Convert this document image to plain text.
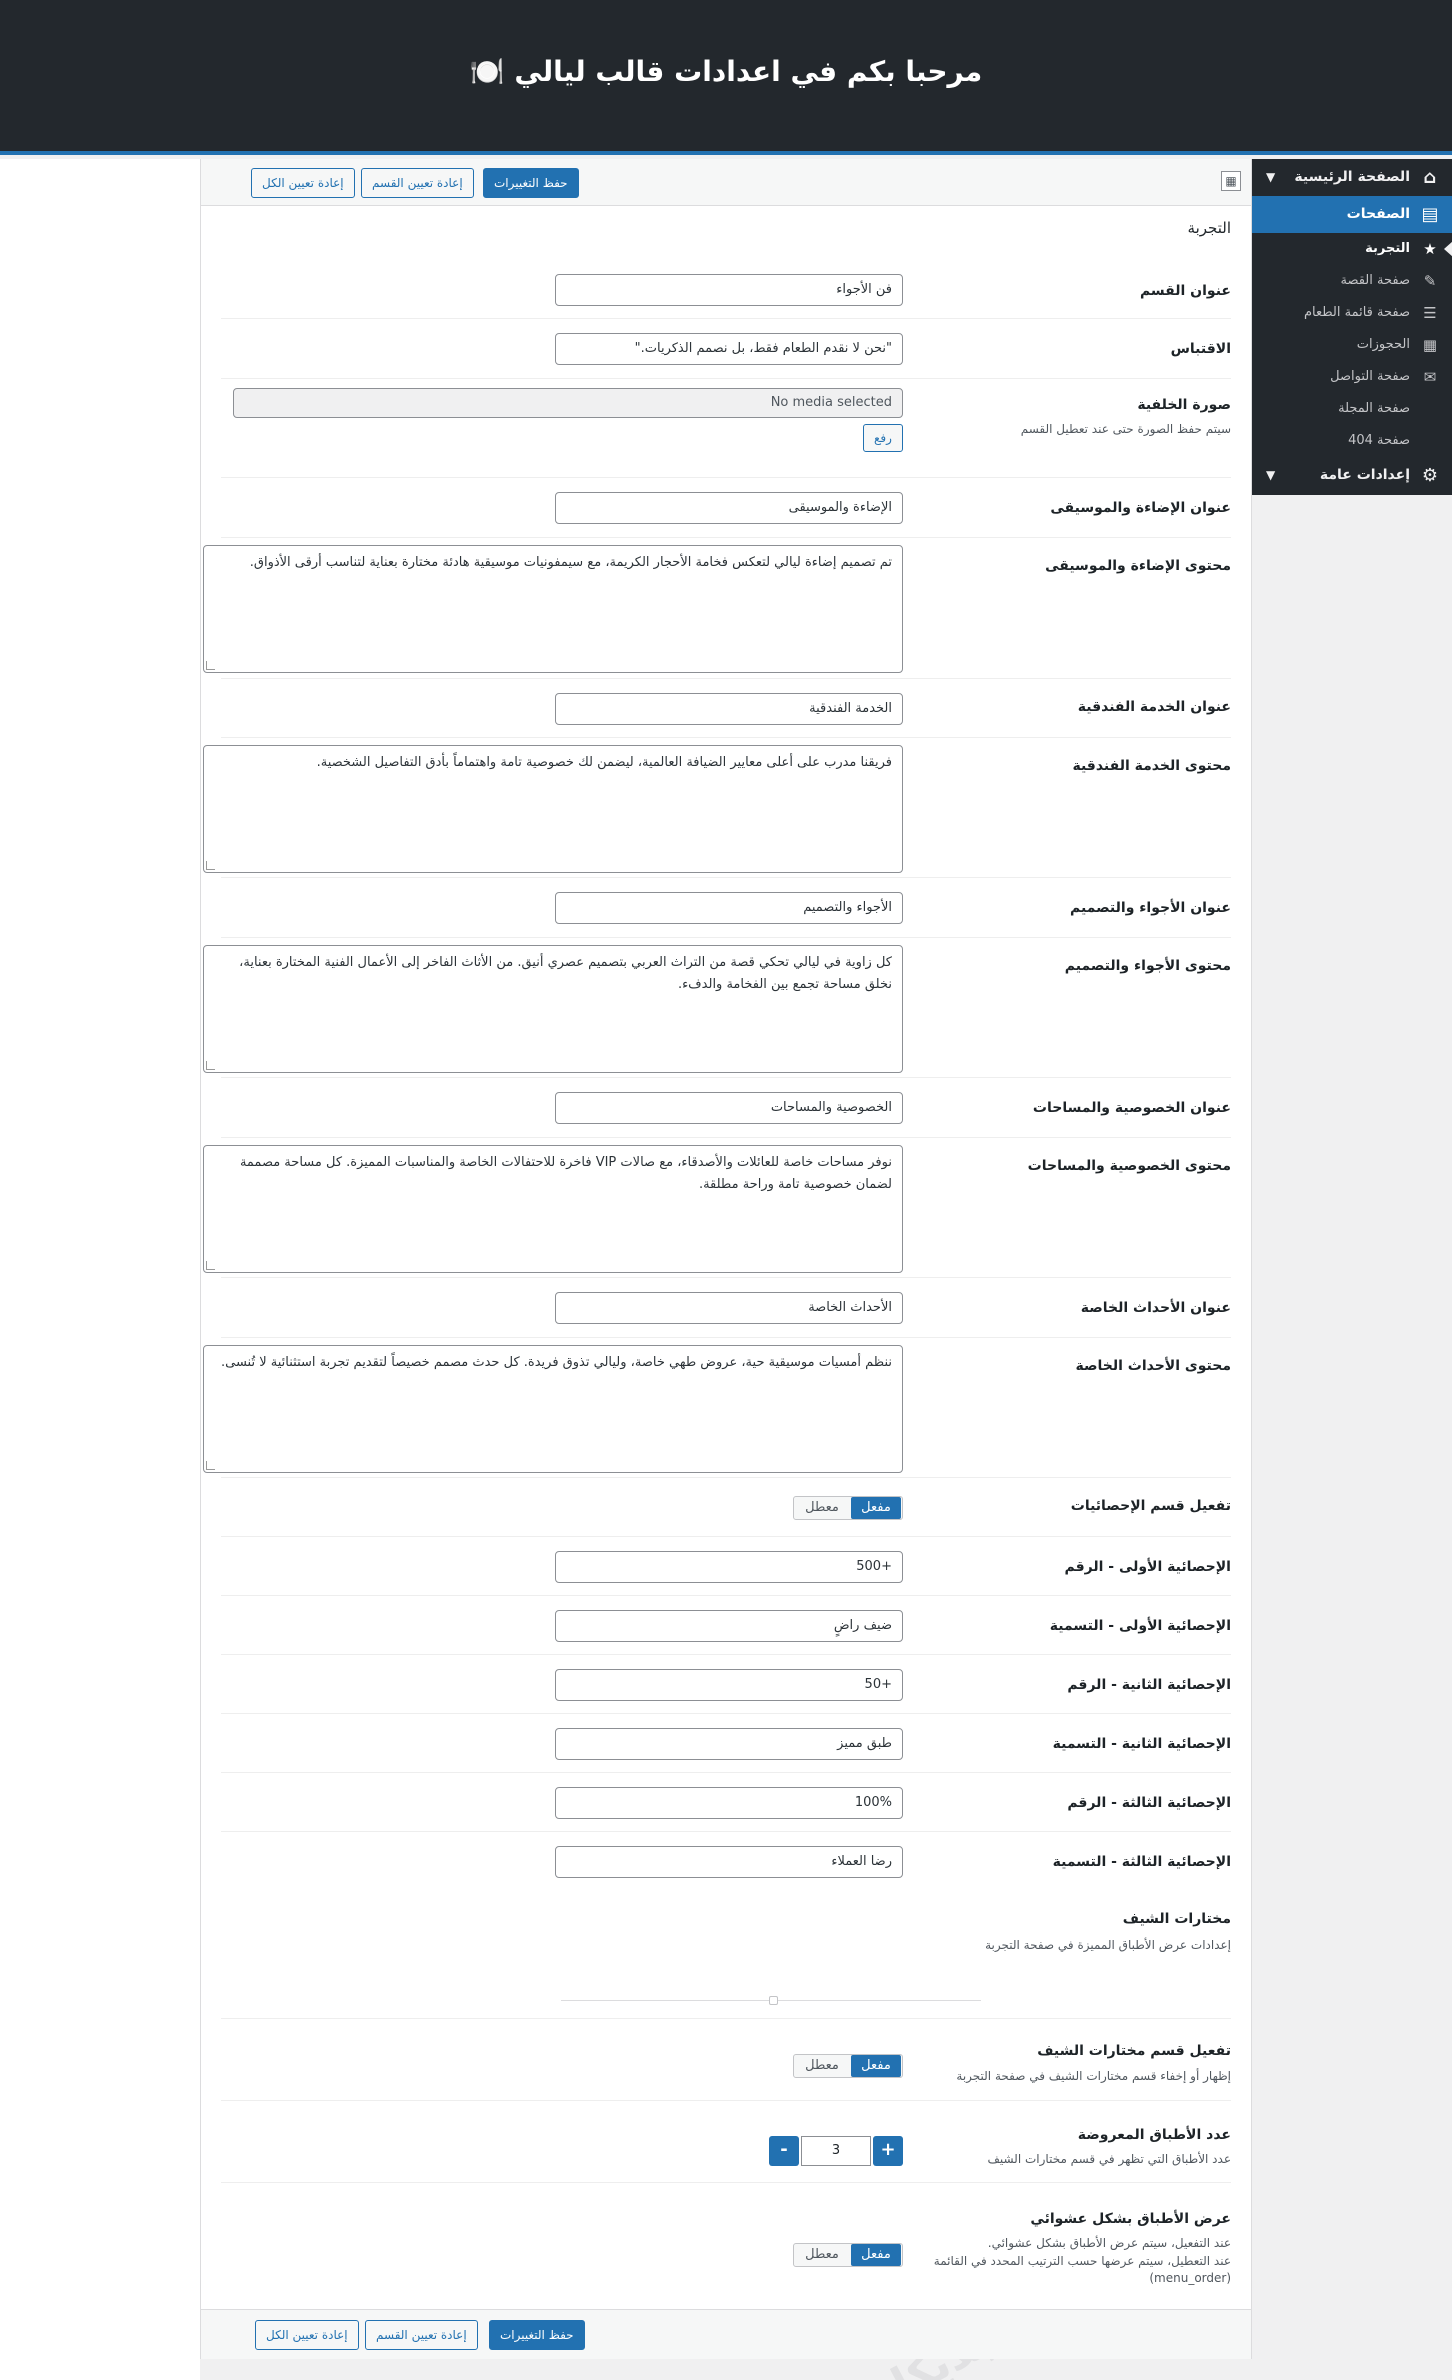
مرحبا بكم في اعدادات قالب ليالي 🍽️
⌂
الصفحة الرئيسية
▼
▤
الصفحات
★
التجربة
✎
صفحة القصة
☰
صفحة قائمة الطعام
▦
الحجوزات
✉
صفحة التواصل
صفحة المجلة
صفحة 404
⚙
إعدادات عامة
▼
حفظ التغييرات
إعادة تعيين القسم
إعادة تعيين الكل	▦
التجربة
عنوان القسم
فن الأجواء
الاقتباس
"نحن لا نقدم الطعام فقط، بل نصمم الذكريات."
صورة الخلفية
سيتم حفظ الصورة حتى عند تعطيل القسم
No media selected
رفع
عنوان الإضاءة والموسيقى
الإضاءة والموسيقى
محتوى الإضاءة والموسيقى
تم تصميم إضاءة ليالي لتعكس فخامة الأحجار الكريمة، مع سيمفونيات موسيقية هادئة مختارة بعناية لتناسب أرقى الأذواق.
عنوان الخدمة الفندقية
الخدمة الفندقية
محتوى الخدمة الفندقية
فريقنا مدرب على أعلى معايير الضيافة العالمية، ليضمن لك خصوصية تامة واهتماماً بأدق التفاصيل الشخصية.
عنوان الأجواء والتصميم
الأجواء والتصميم
محتوى الأجواء والتصميم
كل زاوية في ليالي تحكي قصة من التراث العربي بتصميم عصري أنيق. من الأثاث الفاخر إلى الأعمال الفنية المختارة بعناية، نخلق مساحة تجمع بين الفخامة والدفء.
عنوان الخصوصية والمساحات
الخصوصية والمساحات
محتوى الخصوصية والمساحات
نوفر مساحات خاصة للعائلات والأصدقاء، مع صالات VIP فاخرة للاحتفالات الخاصة والمناسبات المميزة. كل مساحة مصممة لضمان خصوصية تامة وراحة مطلقة.
عنوان الأحداث الخاصة
الأحداث الخاصة
محتوى الأحداث الخاصة
ننظم أمسيات موسيقية حية، عروض طهي خاصة، وليالي تذوق فريدة. كل حدث مصمم خصيصاً لتقديم تجربة استثنائية لا تُنسى.
تفعيل قسم الإحصائيات
مفعل
معطل
الإحصائية الأولى - الرقم
+500
الإحصائية الأولى - التسمية
ضيف راضٍ
الإحصائية الثانية - الرقم
+50
الإحصائية الثانية - التسمية
طبق مميز
الإحصائية الثالثة - الرقم
100%
الإحصائية الثالثة - التسمية
رضا العملاء
مختارات الشيف
إعدادات عرض الأطباق المميزة في صفحة التجربة
تفعيل قسم مختارات الشيف
إظهار أو إخفاء قسم مختارات الشيف في صفحة التجربة
مفعل
معطل
عدد الأطباق المعروضة
عدد الأطباق التي تظهر في قسم مختارات الشيف
-	3	+
عرض الأطباق بشكل عشوائي
عند التفعيل، سيتم عرض الأطباق بشكل عشوائي.
عند التعطيل، سيتم عرضها حسب الترتيب المحدد في القائمة (menu_order)
مفعل
معطل
حفظ التغييرات
إعادة تعيين القسم
إعادة تعيين الكل
